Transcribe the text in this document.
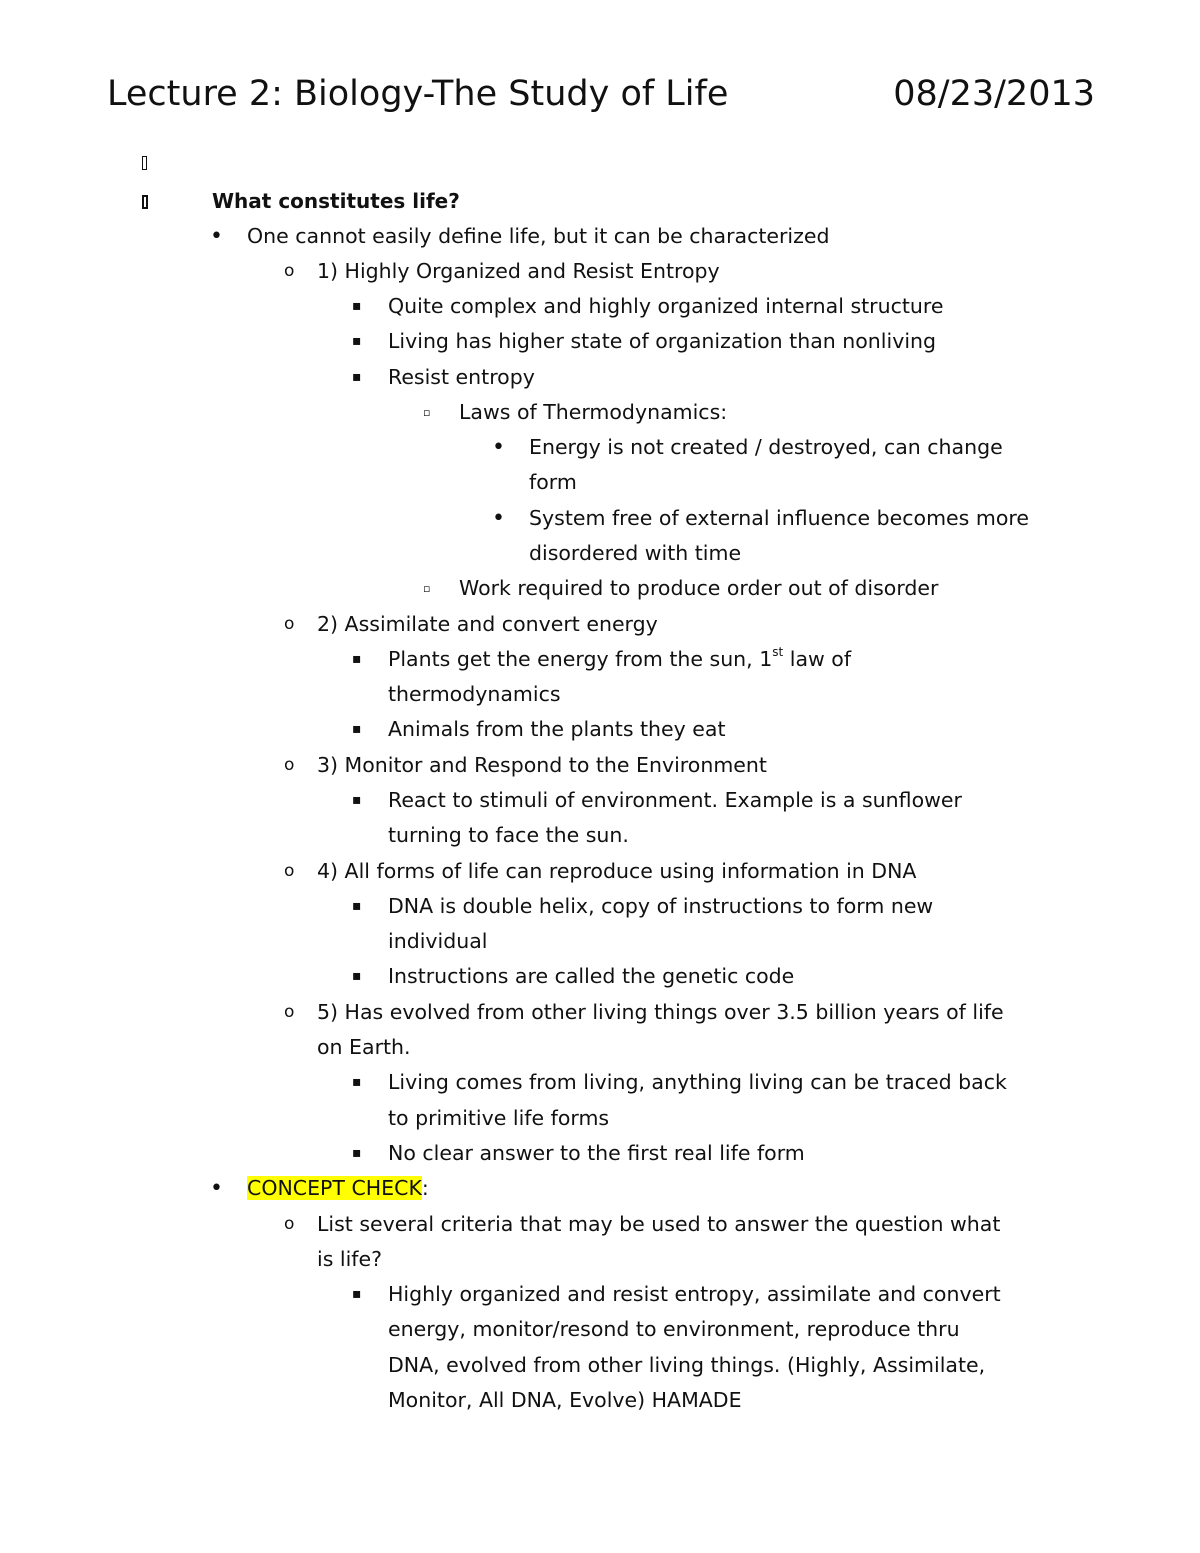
Lecture 2: Biology-The Study of Life	08/23/2013
What constitutes life?
• One cannot easily define life, but it can be characterized
o 1) Highly Organized and Resist Entropy
▪ Quite complex and highly organized internal structure
▪ Living has higher state of organization than nonliving
▪ Resist entropy
▫ Laws of Thermodynamics:
• Energy is not created / destroyed, can change
form
• System free of external influence becomes more
disordered with time
▫ Work required to produce order out of disorder
o 2) Assimilate and convert energy
▪ Plants get the energy from the sun, 1st law of
thermodynamics
▪ Animals from the plants they eat
o 3) Monitor and Respond to the Environment
▪ React to stimuli of environment. Example is a sunflower
turning to face the sun.
o 4) All forms of life can reproduce using information in DNA
▪ DNA is double helix, copy of instructions to form new
individual
▪ Instructions are called the genetic code
o 5) Has evolved from other living things over 3.5 billion years of life
on Earth.
▪ Living comes from living, anything living can be traced back
to primitive life forms
▪ No clear answer to the first real life form
• CONCEPT CHECK:
o List several criteria that may be used to answer the question what
is life?
▪ Highly organized and resist entropy, assimilate and convert
energy, monitor/resond to environment, reproduce thru
DNA, evolved from other living things. (Highly, Assimilate,
Monitor, All DNA, Evolve) HAMADE
